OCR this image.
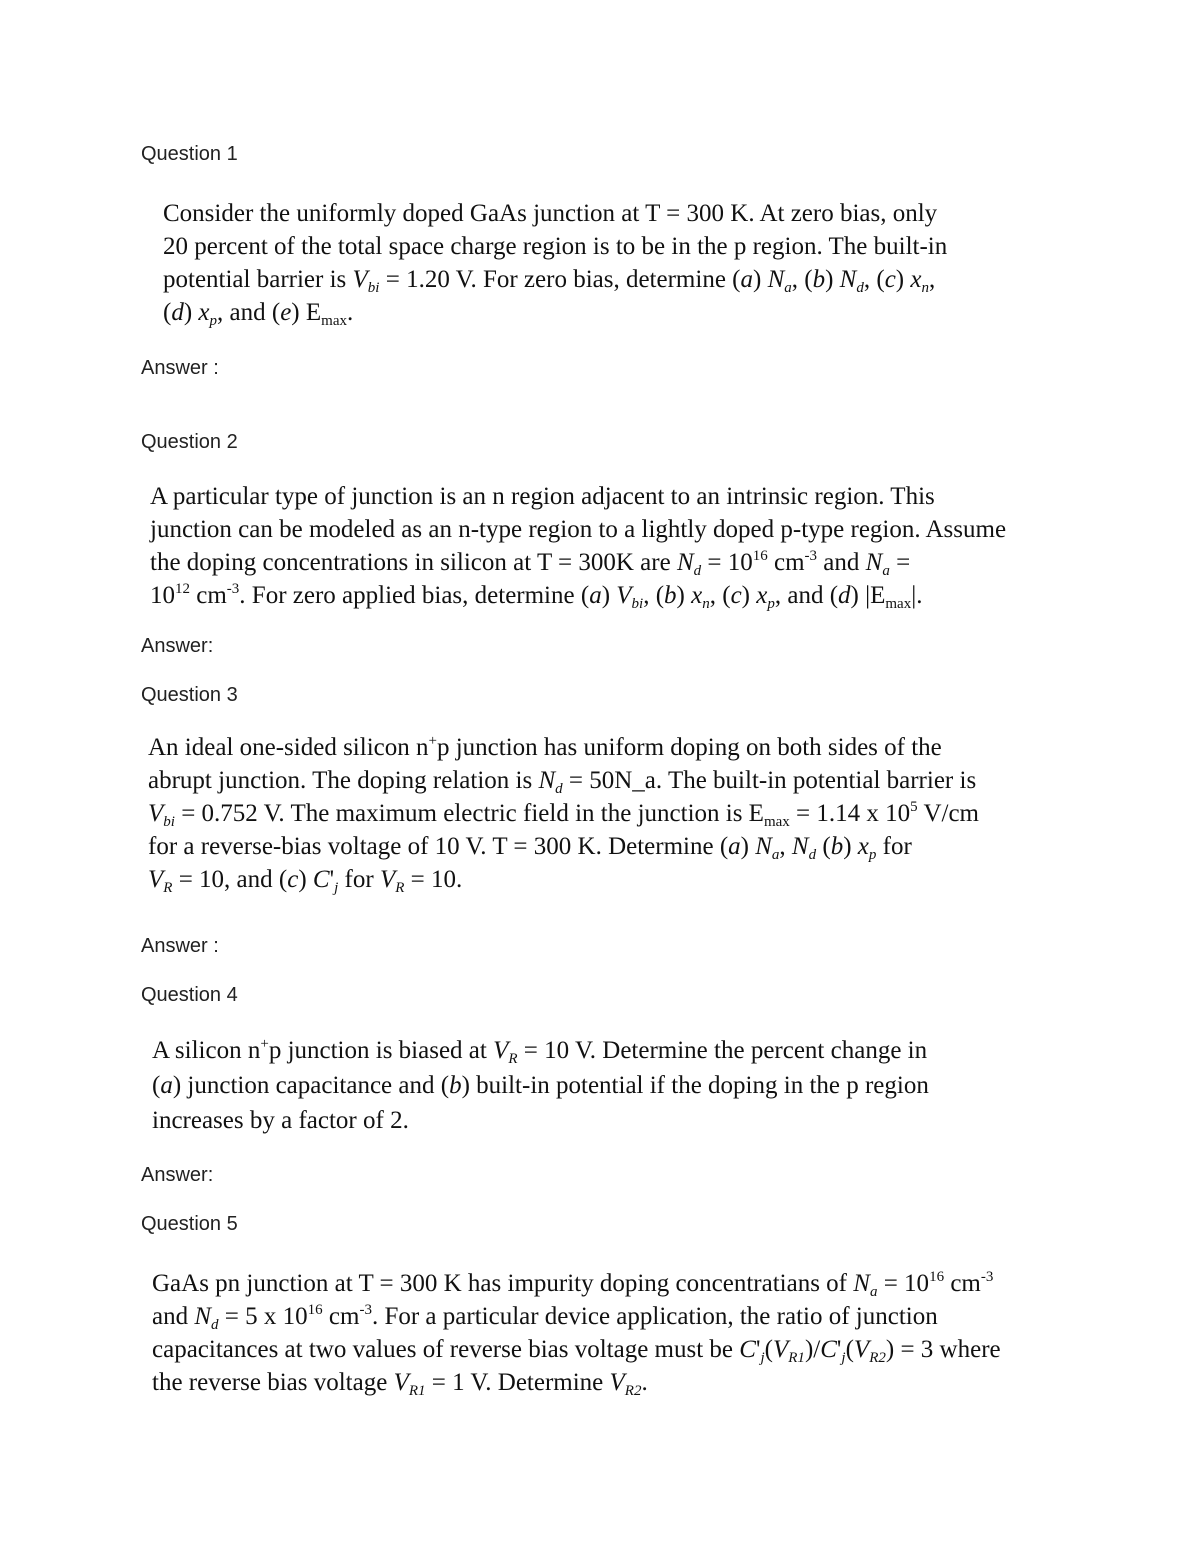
Question 1
Consider the uniformly doped GaAs junction at T = 300 K. At zero bias, only
20 percent of the total space charge region is to be in the p region. The built-in
potential barrier is $V_{bi} = 1.20$ V. For zero bias, determine (a) $N_a$, (b) $N_d$, (c) $x_n$,
(d) $x_p$, and (e) $E_{max}$.
Answer :
Question 2
A particular type of junction is an n region adjacent to an intrinsic region. This
junction can be modeled as an n-type region to a lightly doped p-type region. Assume
the doping concentrations in silicon at T = 300K are $N_d = 10^{16}$ $cm^{-3}$ and $N_a$ =
$10^{12}$ $cm^{-3}$. For zero applied bias, determine (a) $V_{bi}$, (b) $x_n$, (c) $x_p$, and (d) $|E_{max}|$.
Answer:
Question 3
An ideal one-sided silicon n+p junction has uniform doping on both sides of the
abrupt junction. The doping relation is $N_d$ = 50N_a. The built-in potential barrier is
$V_{bi} = 0.752$ V. The maximum electric field in the junction is $E_{max} = 1.14$ x $10^5$ V/cm
for a reverse-bias voltage of 10 V. T = 300 K. Determine (a) $N_a$, $N_d$ (b) $x_p$ for
$V_R = 10$, and (c) $C'_j$ for $V_R = 10$.
Answer :
Question 4
A silicon n+p junction is biased at $V_R = 10$ V. Determine the percent change in
(a) junction capacitance and (b) built-in potential if the doping in the p region
increases by a factor of 2.
Answer:
Question 5
GaAs pn junction at T = 300 K has impurity doping concentratians of $N_a = 10^{16}$ $cm^{-3}$
and $N_d = 5$ x $10^{16}$ $cm^{-3}$. For a particular device application, the ratio of junction
capacitances at two values of reverse bias voltage must be $C'_j(V_{R1})/C'_j(V_{R2}) = 3$ where
the reverse bias voltage $V_{R1} = 1$ V. Determine $V_{R2}$.
